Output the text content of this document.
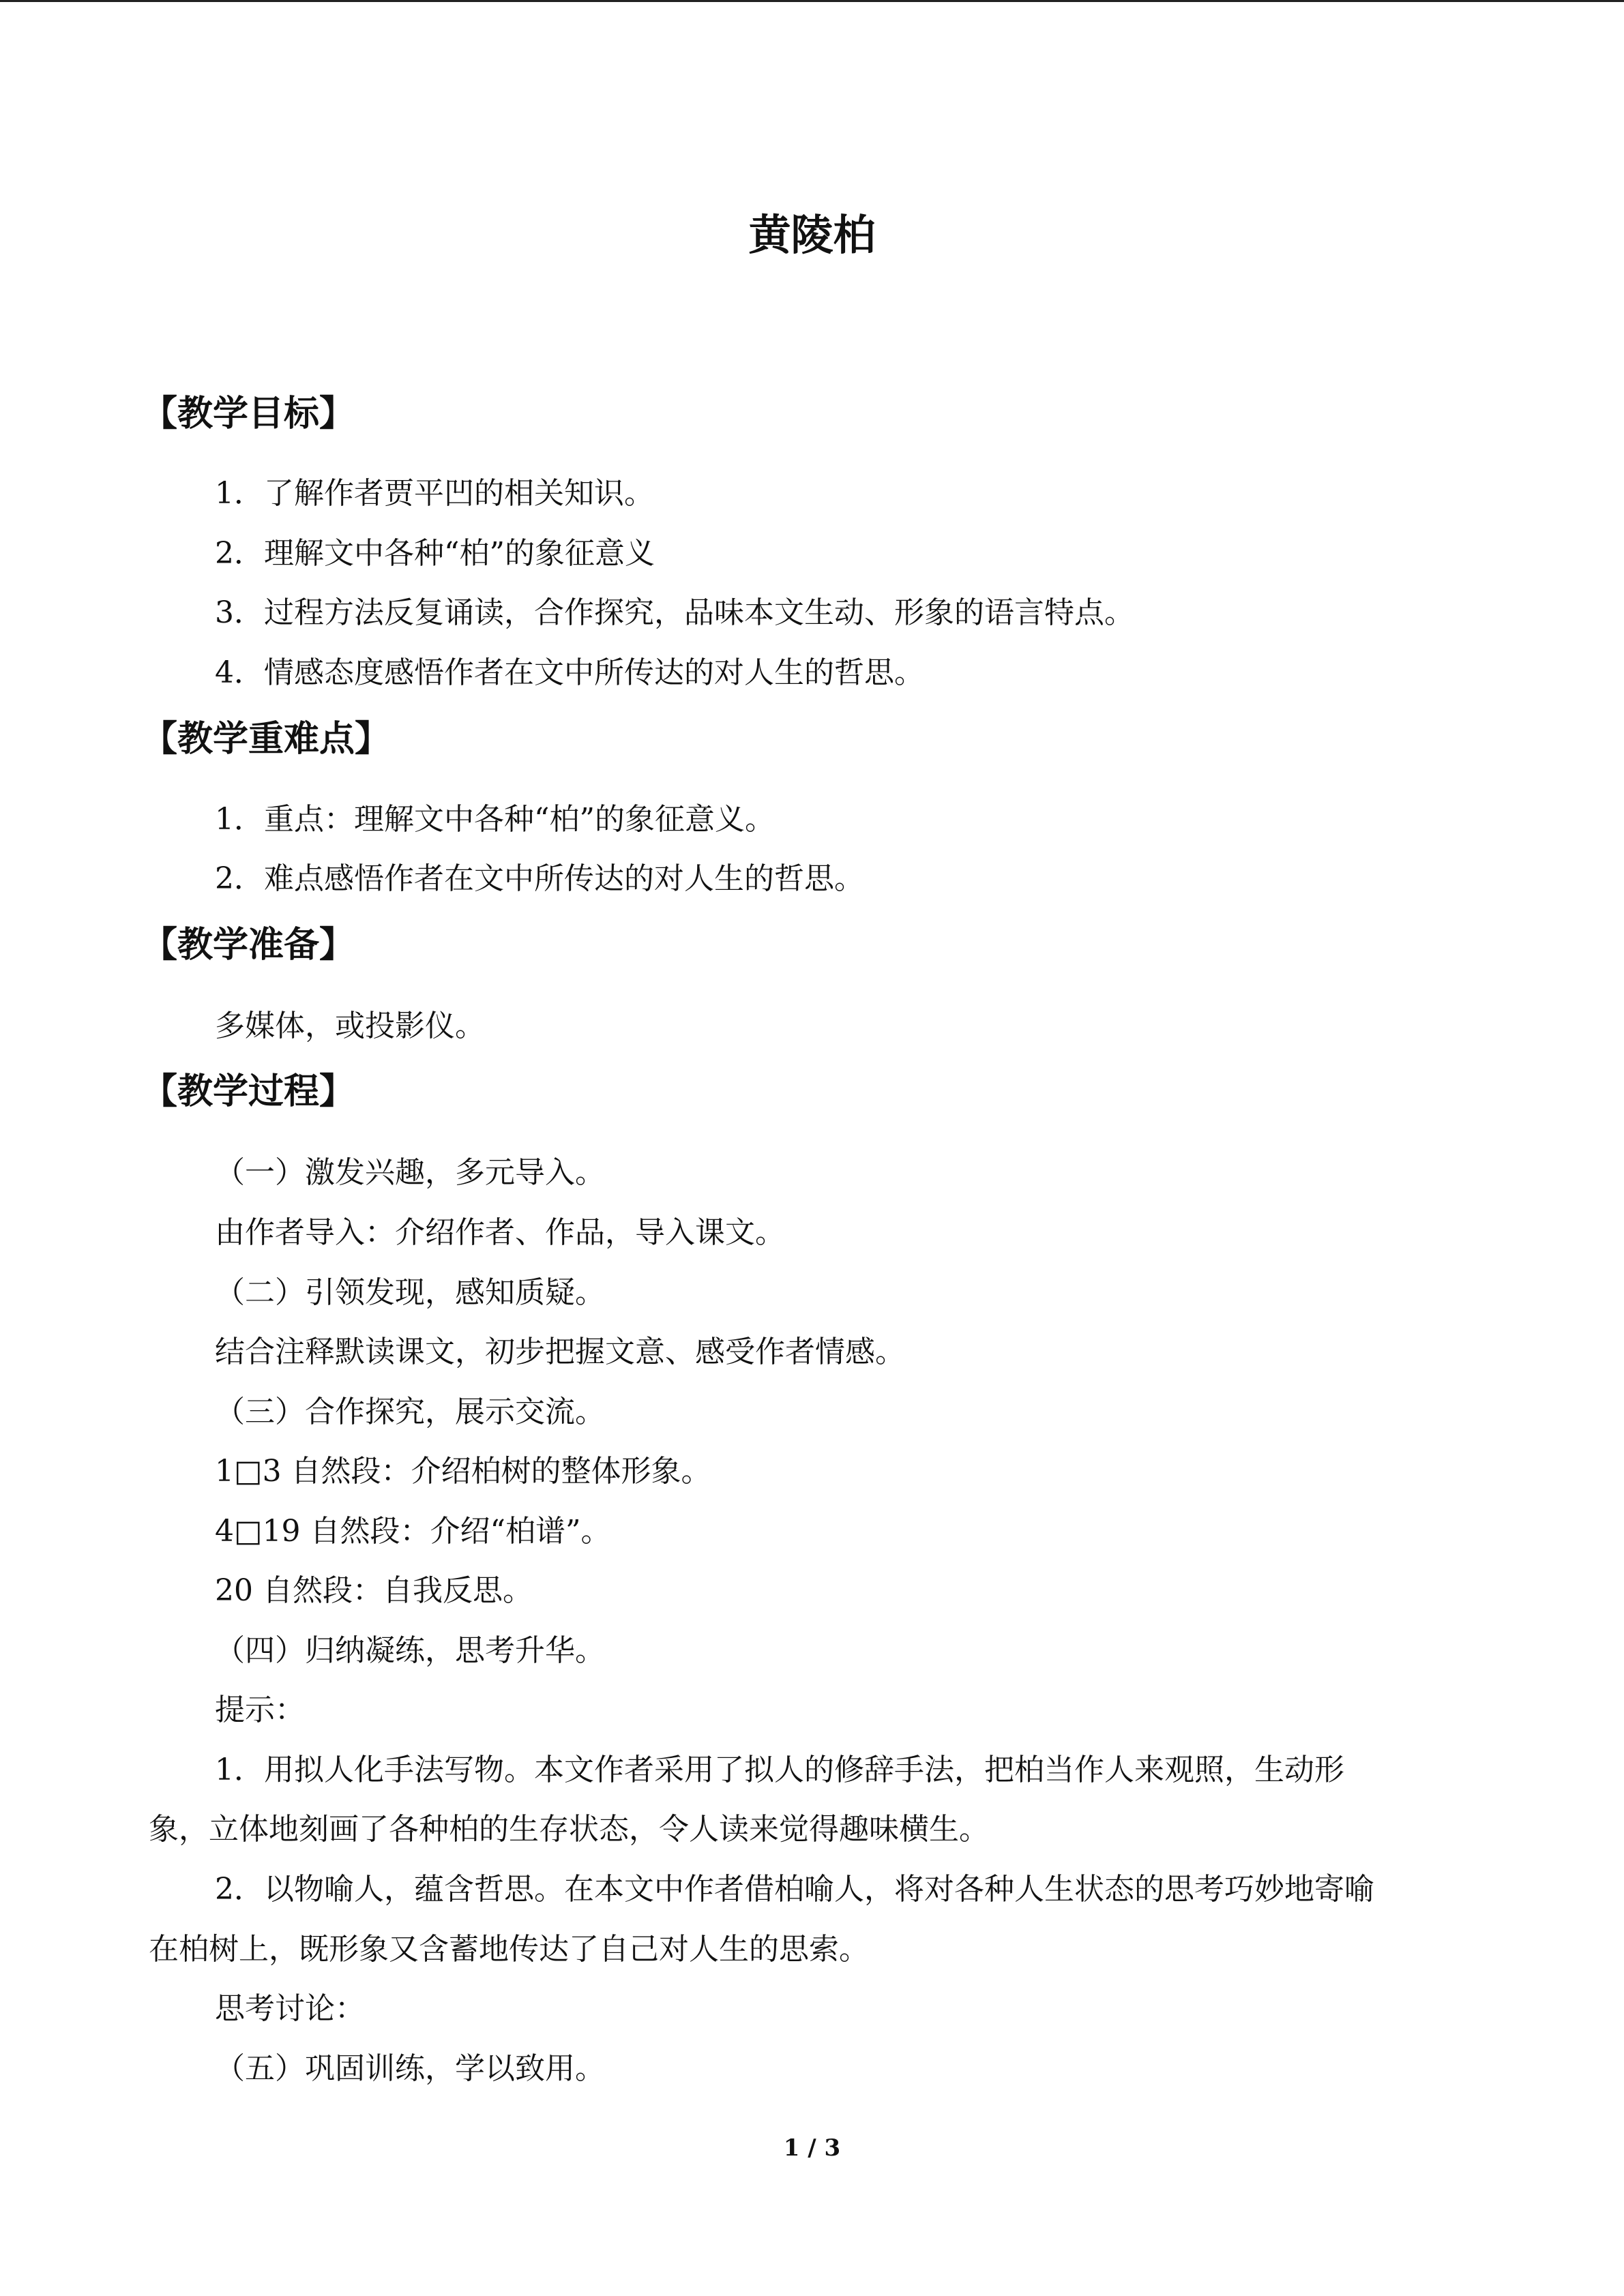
黄陵柏
【教学目标】
1．了解作者贾平凹的相关知识。
2．理解文中各种“柏”的象征意义
3．过程方法反复诵读，合作探究，品味本文生动、形象的语言特点。
4．情感态度感悟作者在文中所传达的对人生的哲思。
【教学重难点】
1．重点：理解文中各种“柏”的象征意义。
2．难点感悟作者在文中所传达的对人生的哲思。
【教学准备】
多媒体，或投影仪。
【教学过程】
（一）激发兴趣，多元导入。
由作者导入：介绍作者、作品，导入课文。
（二）引领发现，感知质疑。
结合注释默读课文，初步把握文意、感受作者情感。
（三）合作探究，展示交流。
1□3 自然段：介绍柏树的整体形象。
4□19 自然段：介绍“柏谱”。
20 自然段：自我反思。
（四）归纳凝练，思考升华。
提示：
1．用拟人化手法写物。本文作者采用了拟人的修辞手法，把柏当作人来观照，生动形
象，立体地刻画了各种柏的生存状态，令人读来觉得趣味横生。
2．以物喻人，蕴含哲思。在本文中作者借柏喻人，将对各种人生状态的思考巧妙地寄喻
在柏树上，既形象又含蓄地传达了自己对人生的思索。
思考讨论：
（五）巩固训练，学以致用。
1 / 3
